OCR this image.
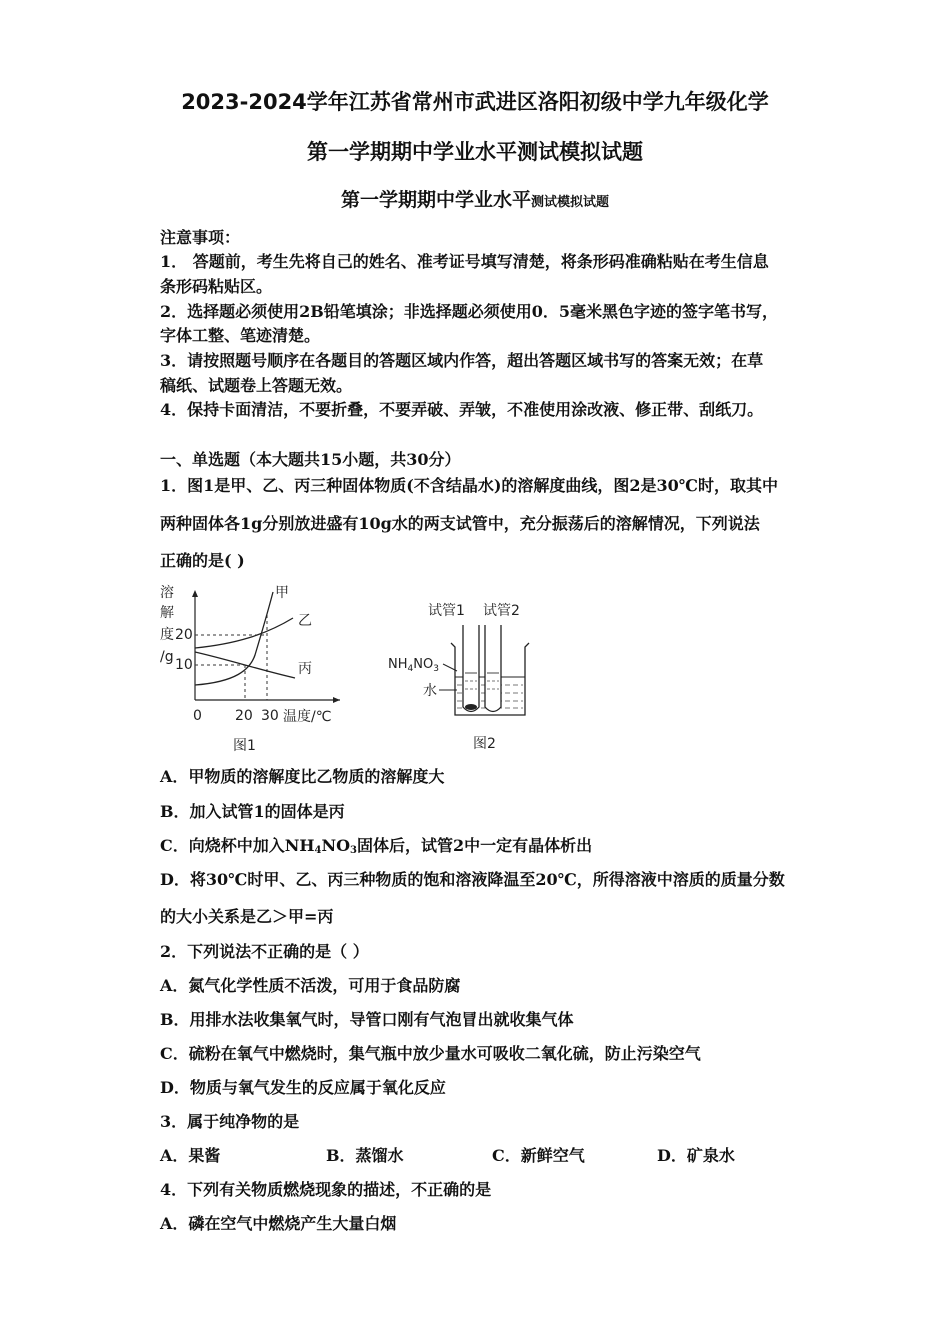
2023-2024学年江苏省常州市武进区洛阳初级中学九年级化学
第一学期期中学业水平测试模拟试题
第一学期期中学业水平测试模拟试题
注意事项：
1． 答题前，考生先将自己的姓名、准考证号填写清楚，将条形码准确粘贴在考生信息
条形码粘贴区。
2．选择题必须使用2B铅笔填涂；非选择题必须使用0．5毫米黑色字迹的签字笔书写，
字体工整、笔迹清楚。
3．请按照题号顺序在各题目的答题区域内作答，超出答题区域书写的答案无效；在草
稿纸、试题卷上答题无效。
4．保持卡面清洁，不要折叠，不要弄破、弄皱，不准使用涂改液、修正带、刮纸刀。
一、单选题（本大题共15小题，共30分）
1．图1是甲、乙、丙三种固体物质(不含结晶水)的溶解度曲线，图2是30℃时，取其中
两种固体各1g分别放进盛有10g水的两支试管中，充分振荡后的溶解情况，下列说法
正确的是( )
溶
解
度
/g
20
10
0 20 30 温度/℃
甲
乙
丙
图1
试管1 试管2
$NH_4NO_3$
水
图2
A．甲物质的溶解度比乙物质的溶解度大
B．加入试管1的固体是丙
C．向烧杯中加入$NH_4NO_3$固体后，试管2中一定有晶体析出
D．将30℃时甲、乙、丙三种物质的饱和溶液降温至20℃，所得溶液中溶质的质量分数
的大小关系是乙＞甲=丙
2．下列说法不正确的是（ ）
A．氮气化学性质不活泼，可用于食品防腐
B．用排水法收集氧气时，导管口刚有气泡冒出就收集气体
C．硫粉在氧气中燃烧时，集气瓶中放少量水可吸收二氧化硫，防止污染空气
D．物质与氧气发生的反应属于氧化反应
3．属于纯净物的是
A．果酱	B．蒸馏水	C．新鲜空气	D．矿泉水
4．下列有关物质燃烧现象的描述，不正确的是
A．磷在空气中燃烧产生大量白烟
